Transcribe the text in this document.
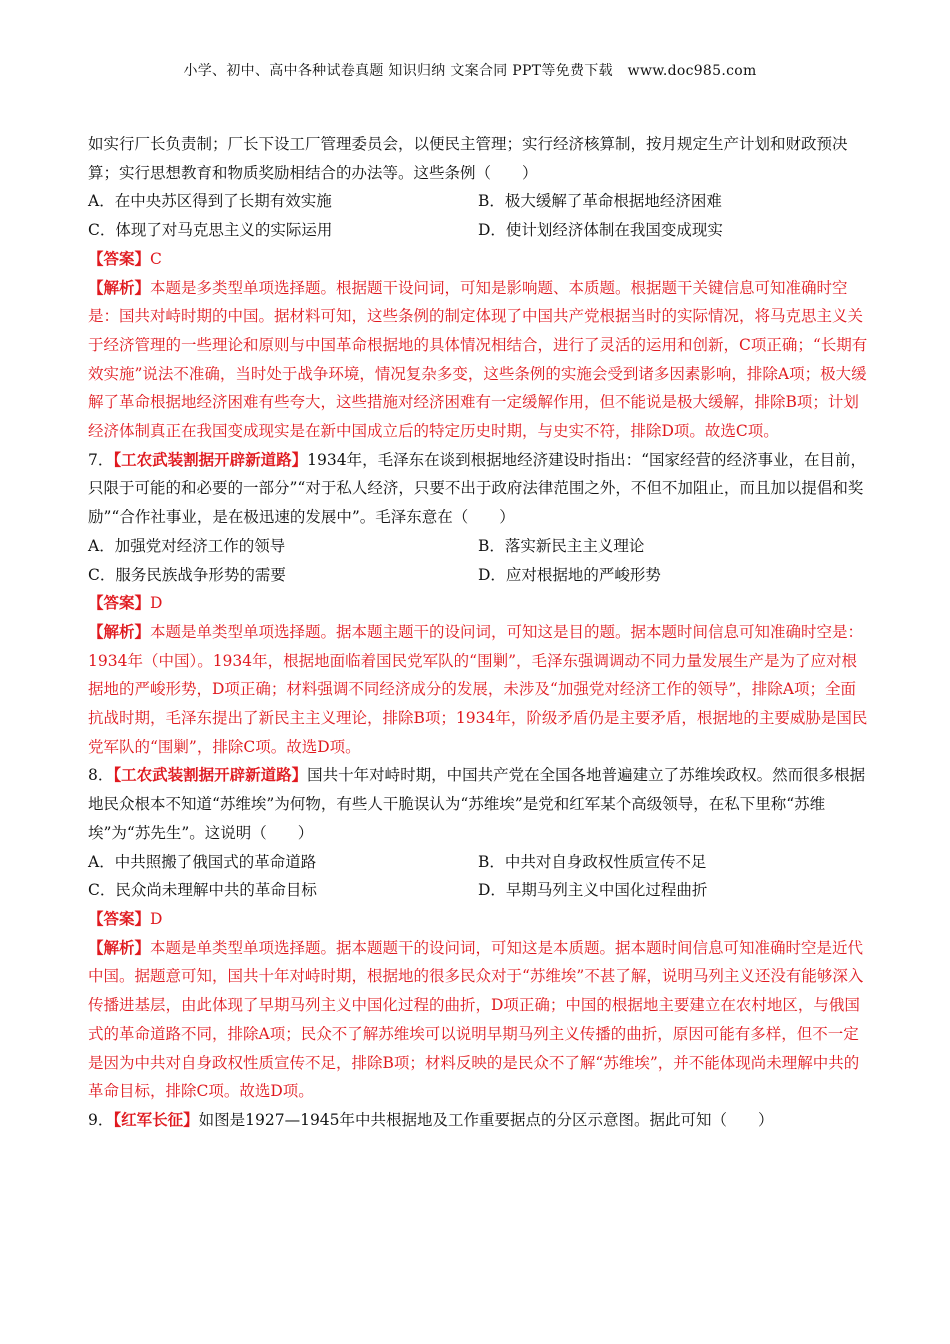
小学、初中、高中各种试卷真题 知识归纳 文案合同 PPT等免费下载 www.doc985.com

如实行厂长负责制；厂长下设工厂管理委员会，以便民主管理；实行经济核算制，按月规定生产计划和财政预决算；实行思想教育和物质奖励相结合的办法等。这些条例（　　）

A．在中央苏区得到了长期有效实施	B．极大缓解了革命根据地经济困难
C．体现了对马克思主义的实际运用	D．使计划经济体制在我国变成现实

【答案】C

【解析】本题是多类型单项选择题。根据题干设问词，可知是影响题、本质题。根据题干关键信息可知准确时空是：国共对峙时期的中国。据材料可知，这些条例的制定体现了中国共产党根据当时的实际情况，将马克思主义关于经济管理的一些理论和原则与中国革命根据地的具体情况相结合，进行了灵活的运用和创新，C项正确；“长期有效实施”说法不准确，当时处于战争环境，情况复杂多变，这些条例的实施会受到诸多因素影响，排除A项；极大缓解了革命根据地经济困难有些夸大，这些措施对经济困难有一定缓解作用，但不能说是极大缓解，排除B项；计划经济体制真正在我国变成现实是在新中国成立后的特定历史时期，与史实不符，排除D项。故选C项。

7．【工农武装割据开辟新道路】1934年，毛泽东在谈到根据地经济建设时指出：“国家经营的经济事业，在目前，只限于可能的和必要的一部分”“对于私人经济，只要不出于政府法律范围之外，不但不加阻止，而且加以提倡和奖励”“合作社事业，是在极迅速的发展中”。毛泽东意在（　　）

A．加强党对经济工作的领导	B．落实新民主主义理论
C．服务民族战争形势的需要	D．应对根据地的严峻形势

【答案】D

【解析】本题是单类型单项选择题。据本题主题干的设问词，可知这是目的题。据本题时间信息可知准确时空是：1934年（中国）。1934年，根据地面临着国民党军队的“围剿”，毛泽东强调调动不同力量发展生产是为了应对根据地的严峻形势，D项正确；材料强调不同经济成分的发展，未涉及“加强党对经济工作的领导”，排除A项；全面抗战时期，毛泽东提出了新民主主义理论，排除B项；1934年，阶级矛盾仍是主要矛盾，根据地的主要威胁是国民党军队的“围剿”，排除C项。故选D项。

8．【工农武装割据开辟新道路】国共十年对峙时期，中国共产党在全国各地普遍建立了苏维埃政权。然而很多根据地民众根本不知道“苏维埃”为何物，有些人干脆误认为“苏维埃”是党和红军某个高级领导，在私下里称“苏维埃”为“苏先生”。这说明（　　）

A．中共照搬了俄国式的革命道路	B．中共对自身政权性质宣传不足
C．民众尚未理解中共的革命目标	D．早期马列主义中国化过程曲折

【答案】D

【解析】本题是单类型单项选择题。据本题题干的设问词，可知这是本质题。据本题时间信息可知准确时空是近代中国。据题意可知，国共十年对峙时期，根据地的很多民众对于“苏维埃”不甚了解，说明马列主义还没有能够深入传播进基层，由此体现了早期马列主义中国化过程的曲折，D项正确；中国的根据地主要建立在农村地区，与俄国式的革命道路不同，排除A项；民众不了解苏维埃可以说明早期马列主义传播的曲折，原因可能有多样，但不一定是因为中共对自身政权性质宣传不足，排除B项；材料反映的是民众不了解“苏维埃”，并不能体现尚未理解中共的革命目标，排除C项。故选D项。

9．【红军长征】如图是1927—1945年中共根据地及工作重要据点的分区示意图。据此可知（　　）
